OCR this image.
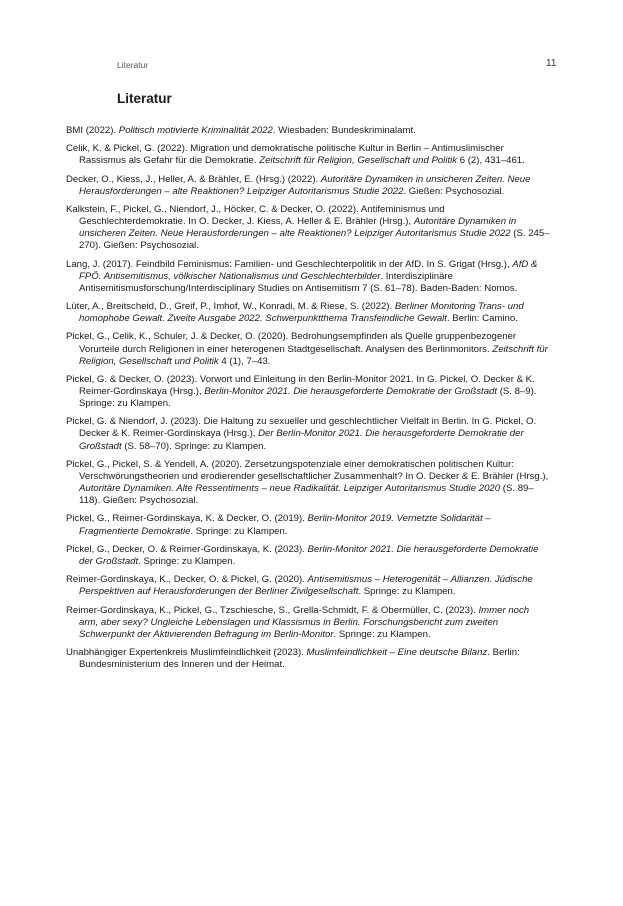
Literatur	11
Literatur
BMI (2022). Politisch motivierte Kriminalität 2022. Wiesbaden: Bundeskriminalamt.
Celik, K. & Pickel, G. (2022). Migration und demokratische politische Kultur in Berlin – Antimuslimischer Rassismus als Gefahr für die Demokratie. Zeitschrift für Religion, Gesellschaft und Politik 6 (2), 431–461.
Decker, O., Kiess, J., Heller, A. & Brähler, E. (Hrsg.) (2022). Autoritäre Dynamiken in unsicheren Zeiten. Neue Herausforderungen – alte Reaktionen? Leipziger Autoritarismus Studie 2022. Gießen: Psychosozial.
Kalkstein, F., Pickel, G., Niendorf, J., Höcker, C. & Decker, O. (2022). Antifeminismus und Geschlechterdemokratie. In O. Decker, J. Kiess, A. Heller & E. Brähler (Hrsg.), Autoritäre Dynamiken in unsicheren Zeiten. Neue Herausforderungen – alte Reaktionen? Leipziger Autoritarismus Studie 2022 (S. 245–270). Gießen: Psychosozial.
Lang, J. (2017). Feindbild Feminismus: Familien- und Geschlechterpolitik in der AfD. In S. Grigat (Hrsg.), AfD & FPÖ. Antisemitismus, völkischer Nationalismus und Geschlechterbilder. Interdisziplinäre Antisemitismusforschung/Interdisciplinary Studies on Antisemitism 7 (S. 61–78). Baden-Baden: Nomos.
Lüter, A., Breitscheid, D., Greif, P., Imhof, W., Konradi, M. & Riese, S. (2022). Berliner Monitoring Trans- und homophobe Gewalt. Zweite Ausgabe 2022. Schwerpunktthema Transfeindliche Gewalt. Berlin: Camino.
Pickel, G., Celik, K., Schuler, J. & Decker, O. (2020). Bedrohungsempfinden als Quelle gruppenbezogener Vorurteile durch Religionen in einer heterogenen Stadtgesellschaft. Analysen des Berlinmonitors. Zeitschrift für Religion, Gesellschaft und Politik 4 (1), 7–43.
Pickel, G. & Decker, O. (2023). Vorwort und Einleitung in den Berlin-Monitor 2021. In G. Pickel, O. Decker & K. Reimer-Gordinskaya (Hrsg.), Berlin-Monitor 2021. Die herausgeforderte Demokratie der Großstadt (S. 8–9). Springe: zu Klampen.
Pickel, G. & Niendorf, J. (2023). Die Haltung zu sexueller und geschlechtlicher Vielfalt in Berlin. In G. Pickel, O. Decker & K. Reimer-Gordinskaya (Hrsg.), Der Berlin-Monitor 2021. Die herausgeforderte Demokratie der Großstadt (S. 58–70). Springe: zu Klampen.
Pickel, G., Pickel, S. & Yendell, A. (2020). Zersetzungspotenziale einer demokratischen politischen Kultur: Verschwörungstheorien und erodierender gesellschaftlicher Zusammenhalt? In O. Decker & E. Brähler (Hrsg.), Autoritäre Dynamiken. Alte Ressentiments – neue Radikalität. Leipziger Autoritarismus Studie 2020 (S. 89–118). Gießen: Psychosozial.
Pickel, G., Reimer-Gordinskaya, K. & Decker, O. (2019). Berlin-Monitor 2019. Vernetzte Solidarität – Fragmentierte Demokratie. Springe: zu Klampen.
Pickel, G., Decker, O. & Reimer-Gordinskaya, K. (2023). Berlin-Monitor 2021. Die herausgeforderte Demokratie der Großstadt. Springe: zu Klampen.
Reimer-Gordinskaya, K., Decker, O. & Pickel, G. (2020). Antisemitismus – Heterogenität – Allianzen. Jüdische Perspektiven auf Herausforderungen der Berliner Zivilgesellschaft. Springe: zu Klampen.
Reimer-Gordinskaya, K., Pickel, G., Tzschiesche, S., Grella-Schmidt, F. & Obermüller, C. (2023). Immer noch arm, aber sexy? Ungleiche Lebenslagen und Klassismus in Berlin. Forschungsbericht zum zweiten Schwerpunkt der Aktivierenden Befragung im Berlin-Monitor. Springe: zu Klampen.
Unabhängiger Expertenkreis Muslimfeindlichkeit (2023). Muslimfeindlichkeit – Eine deutsche Bilanz. Berlin: Bundesministerium des Inneren und der Heimat.
